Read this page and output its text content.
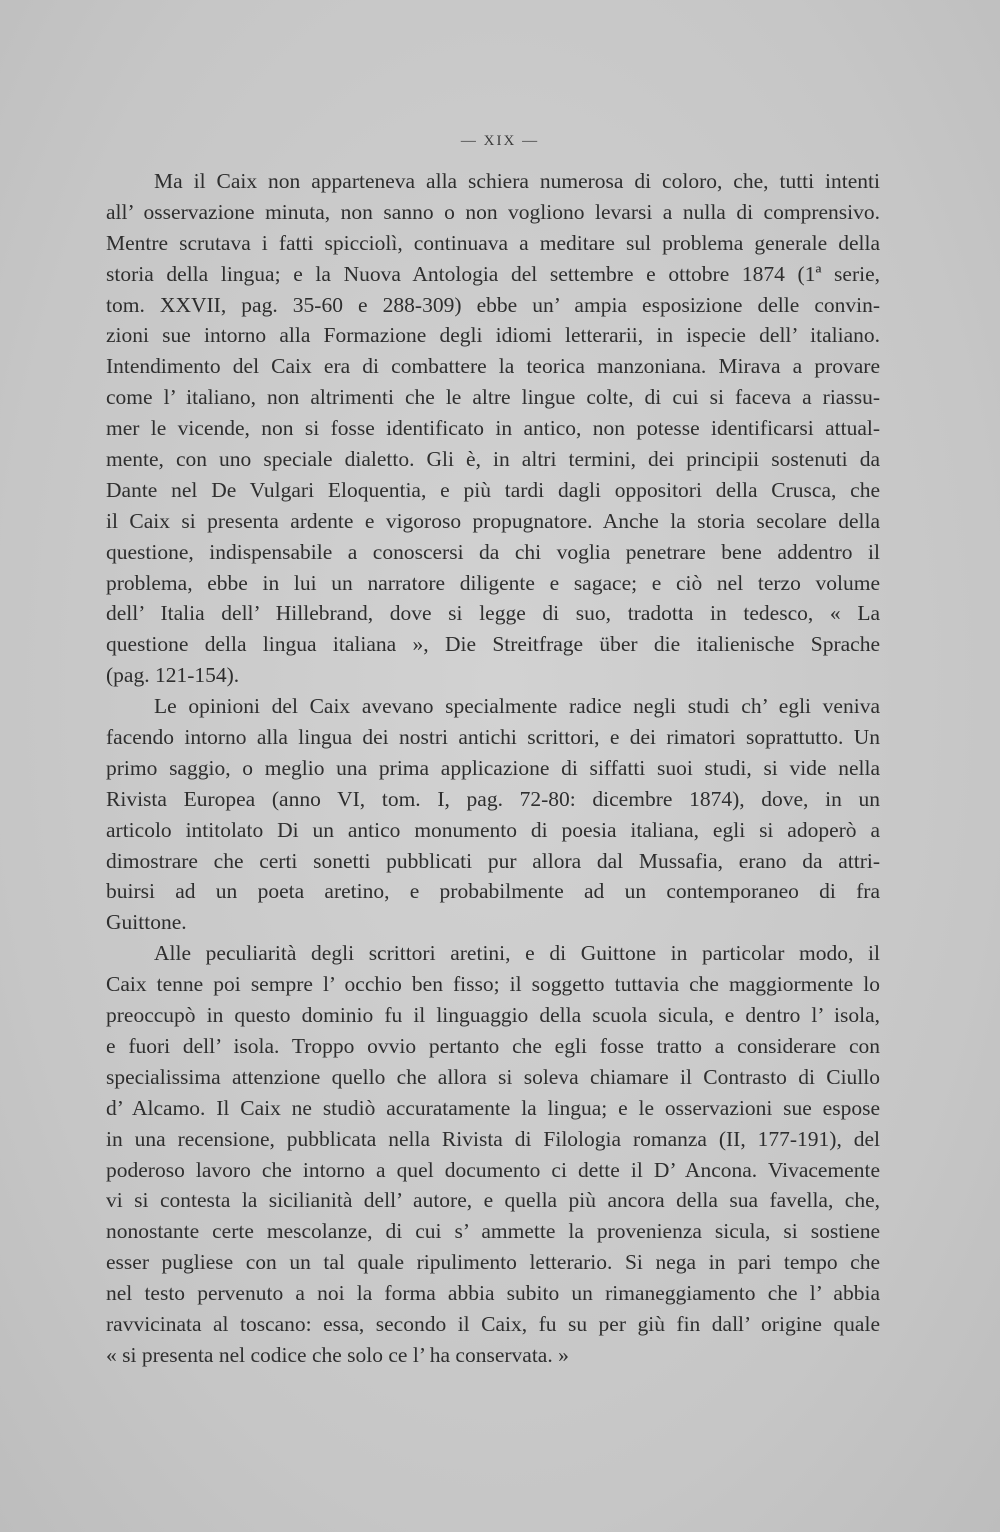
— XIX —
Ma il Caix non apparteneva alla schiera numerosa di coloro, che, tutti intenti
all’ osservazione minuta, non sanno o non vogliono levarsi a nulla di comprensivo.
Mentre scrutava i fatti spicciolì, continuava a meditare sul problema generale della
storia della lingua; e la Nuova Antologia del settembre e ottobre 1874 (1ª serie,
tom. XXVII, pag. 35-60 e 288-309) ebbe un’ ampia esposizione delle convin-
zioni sue intorno alla Formazione degli idiomi letterarii, in ispecie dell’ italiano.
Intendimento del Caix era di combattere la teorica manzoniana. Mirava a provare
come l’ italiano, non altrimenti che le altre lingue colte, di cui si faceva a riassu-
mer le vicende, non si fosse identificato in antico, non potesse identificarsi attual-
mente, con uno speciale dialetto. Gli è, in altri termini, dei principii sostenuti da
Dante nel De Vulgari Eloquentia, e più tardi dagli oppositori della Crusca, che
il Caix si presenta ardente e vigoroso propugnatore. Anche la storia secolare della
questione, indispensabile a conoscersi da chi voglia penetrare bene addentro il
problema, ebbe in lui un narratore diligente e sagace; e ciò nel terzo volume
dell’ Italia dell’ Hillebrand, dove si legge di suo, tradotta in tedesco, « La
questione della lingua italiana », Die Streitfrage über die italienische Sprache
(pag. 121-154).
Le opinioni del Caix avevano specialmente radice negli studi ch’ egli veniva
facendo intorno alla lingua dei nostri antichi scrittori, e dei rimatori soprattutto. Un
primo saggio, o meglio una prima applicazione di siffatti suoi studi, si vide nella
Rivista Europea (anno VI, tom. I, pag. 72-80: dicembre 1874), dove, in un
articolo intitolato Di un antico monumento di poesia italiana, egli si adoperò a
dimostrare che certi sonetti pubblicati pur allora dal Mussafia, erano da attri-
buirsi ad un poeta aretino, e probabilmente ad un contemporaneo di fra
Guittone.
Alle peculiarità degli scrittori aretini, e di Guittone in particolar modo, il
Caix tenne poi sempre l’ occhio ben fisso; il soggetto tuttavia che maggiormente lo
preoccupò in questo dominio fu il linguaggio della scuola sicula, e dentro l’ isola,
e fuori dell’ isola. Troppo ovvio pertanto che egli fosse tratto a considerare con
specialissima attenzione quello che allora si soleva chiamare il Contrasto di Ciullo
d’ Alcamo. Il Caix ne studiò accuratamente la lingua; e le osservazioni sue espose
in una recensione, pubblicata nella Rivista di Filologia romanza (II, 177-191), del
poderoso lavoro che intorno a quel documento ci dette il D’ Ancona. Vivacemente
vi si contesta la sicilianità dell’ autore, e quella più ancora della sua favella, che,
nonostante certe mescolanze, di cui s’ ammette la provenienza sicula, si sostiene
esser pugliese con un tal quale ripulimento letterario. Si nega in pari tempo che
nel testo pervenuto a noi la forma abbia subito un rimaneggiamento che l’ abbia
ravvicinata al toscano: essa, secondo il Caix, fu su per giù fin dall’ origine quale
« si presenta nel codice che solo ce l’ ha conservata. »
